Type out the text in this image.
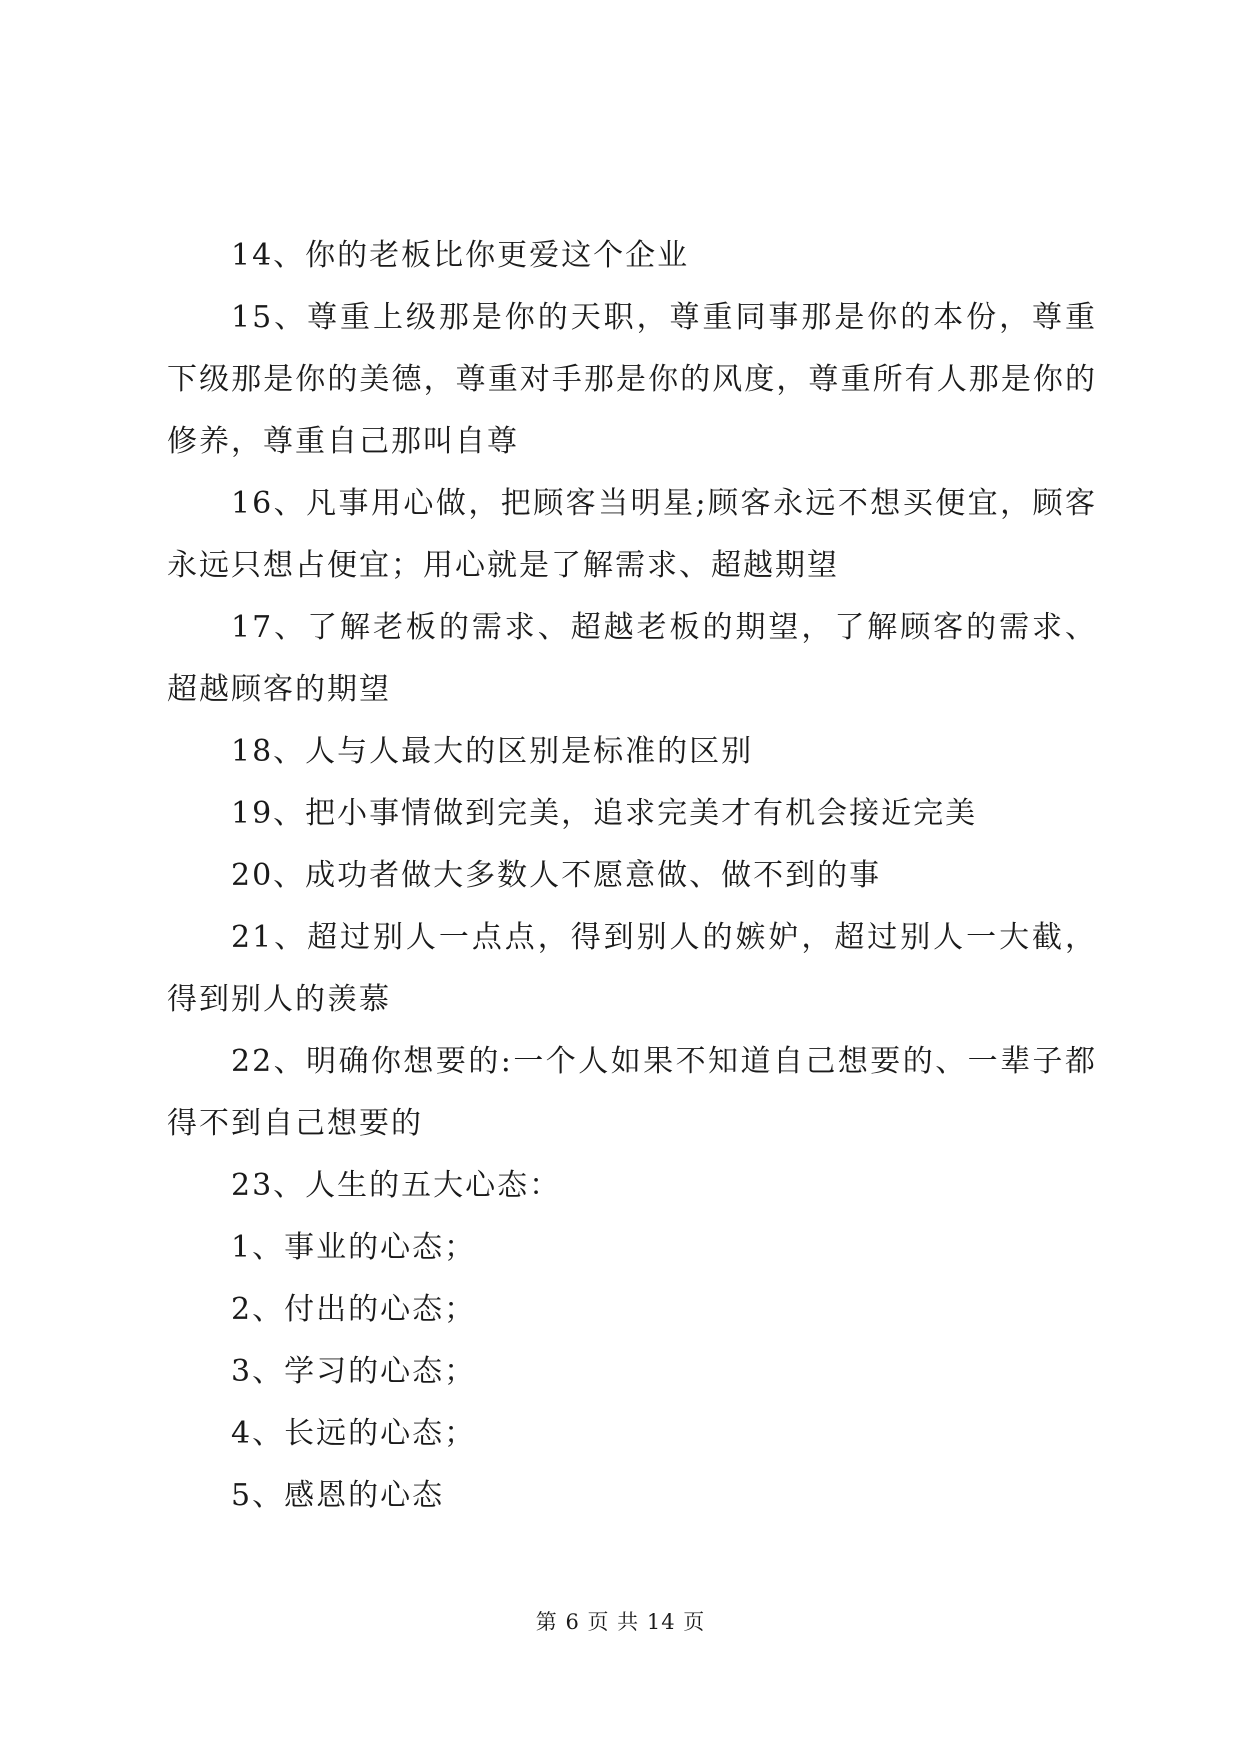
14、你的老板比你更爱这个企业

15、尊重上级那是你的天职，尊重同事那是你的本份，尊重下级那是你的美德，尊重对手那是你的风度，尊重所有人那是你的修养，尊重自己那叫自尊

16、凡事用心做，把顾客当明星;顾客永远不想买便宜，顾客永远只想占便宜；用心就是了解需求、超越期望

17、了解老板的需求、超越老板的期望，了解顾客的需求、超越顾客的期望

18、人与人最大的区别是标准的区别

19、把小事情做到完美，追求完美才有机会接近完美

20、成功者做大多数人不愿意做、做不到的事

21、超过别人一点点，得到别人的嫉妒，超过别人一大截，得到别人的羡慕

22、明确你想要的:一个人如果不知道自己想要的、一辈子都得不到自己想要的

23、人生的五大心态：

1、事业的心态；

2、付出的心态；

3、学习的心态；

4、长远的心态；

5、感恩的心态

第 6 页 共 14 页
